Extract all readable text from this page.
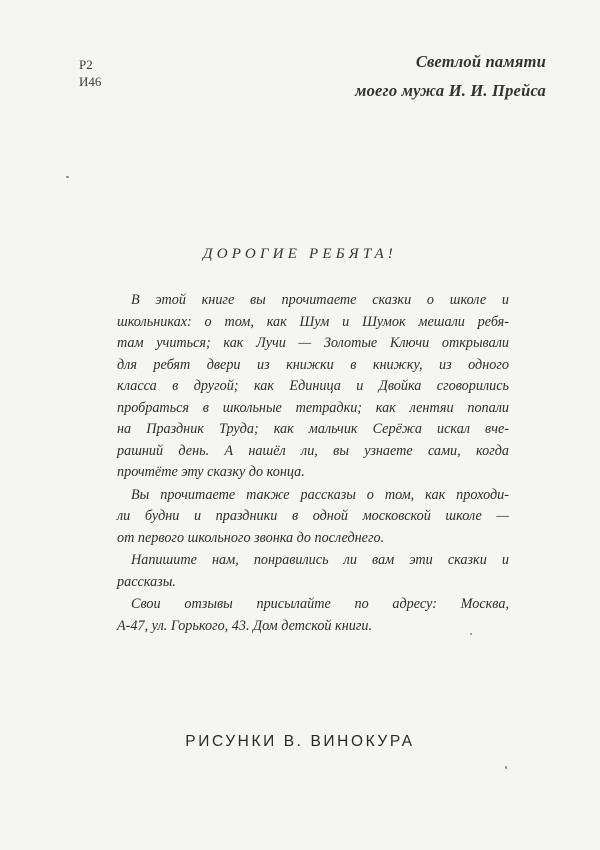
Р2
И46
Светлой памяти
моего мужа И. И. Прейса
ДОРОГИЕ РЕБЯТА!
В этой книге вы прочитаете сказки о школе и
школьниках: о том, как Шум и Шумок мешали ребя-
там учиться; как Лучи — Золотые Ключи открывали
для ребят двери из книжки в книжку, из одного
класса в другой; как Единица и Двойка сговорились
пробраться в школьные тетрадки; как лентяи попали
на Праздник Труда; как мальчик Серёжа искал вче-
рашний день. А нашёл ли, вы узнаете сами, когда
прочтёте эту сказку до конца.
Вы прочитаете также рассказы о том, как проходи-
ли будни и праздники в одной московской школе —
от первого школьного звонка до последнего.
Напишите нам, понравились ли вам эти сказки и
рассказы.
Свои отзывы присылайте по адресу: Москва,
А-47, ул. Горького, 43. Дом детской книги.
РИСУНКИ В. ВИНОКУРА
